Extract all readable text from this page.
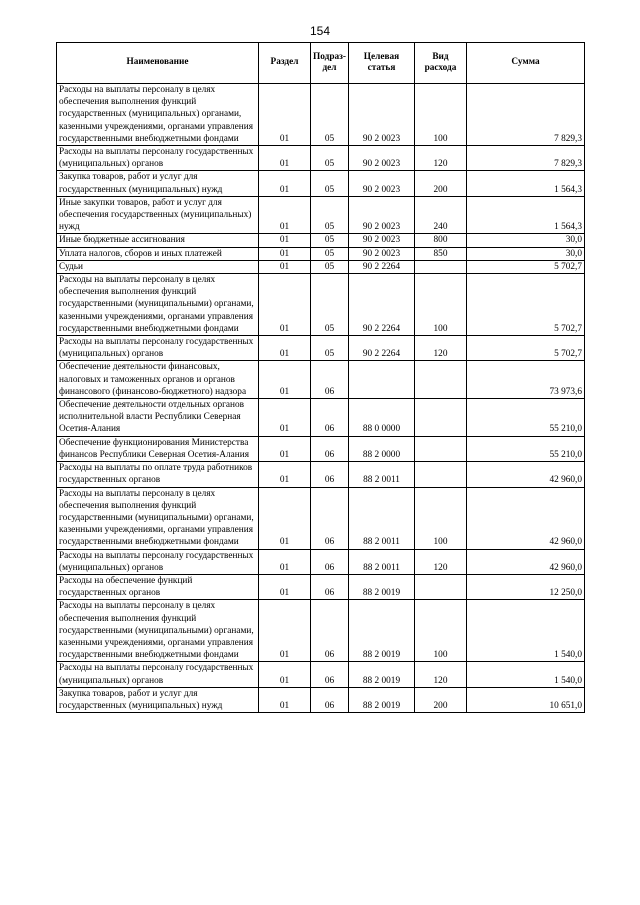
154
Наименование	Раздел	Подраз-дел	Целевая статья	Вид расхода	Сумма
Расходы на выплаты персоналу в целях обеспечения выполнения функций государственных (муниципальных) органами, казенными учреждениями, органами управления государственными внебюджетными фондами	01	05	90 2 0023	100	7 829,3
Расходы на выплаты персоналу государственных (муниципальных) органов	01	05	90 2 0023	120	7 829,3
Закупка товаров, работ и услуг для государственных (муниципальных) нужд	01	05	90 2 0023	200	1 564,3
Иные закупки товаров, работ и услуг для обеспечения государственных (муниципальных) нужд	01	05	90 2 0023	240	1 564,3
Иные бюджетные ассигнования	01	05	90 2 0023	800	30,0
Уплата налогов, сборов и иных платежей	01	05	90 2 0023	850	30,0
Судьи	01	05	90 2 2264		5 702,7
Расходы на выплаты персоналу в целях обеспечения выполнения функций государственными (муниципальными) органами, казенными учреждениями, органами управления государственными внебюджетными фондами	01	05	90 2 2264	100	5 702,7
Расходы на выплаты персоналу государственных (муниципальных) органов	01	05	90 2 2264	120	5 702,7
Обеспечение деятельности финансовых, налоговых и таможенных органов и органов финансового (финансово-бюджетного) надзора	01	06			73 973,6
Обеспечение деятельности отдельных органов исполнительной власти Республики Северная Осетия-Алания	01	06	88 0 0000		55 210,0
Обеспечение функционирования Министерства финансов Республики Северная Осетия-Алания	01	06	88 2 0000		55 210,0
Расходы на выплаты по оплате труда работников государственных органов	01	06	88 2 0011		42 960,0
Расходы на выплаты персоналу в целях обеспечения выполнения функций государственными (муниципальными) органами, казенными учреждениями, органами управления государственными внебюджетными фондами	01	06	88 2 0011	100	42 960,0
Расходы на выплаты персоналу государственных (муниципальных) органов	01	06	88 2 0011	120	42 960,0
Расходы на обеспечение функций государственных органов	01	06	88 2 0019		12 250,0
Расходы на выплаты персоналу в целях обеспечения выполнения функций государственными (муниципальными) органами, казенными учреждениями, органами управления государственными внебюджетными фондами	01	06	88 2 0019	100	1 540,0
Расходы на выплаты персоналу государственных (муниципальных) органов	01	06	88 2 0019	120	1 540,0
Закупка товаров, работ и услуг для государственных (муниципальных) нужд	01	06	88 2 0019	200	10 651,0
